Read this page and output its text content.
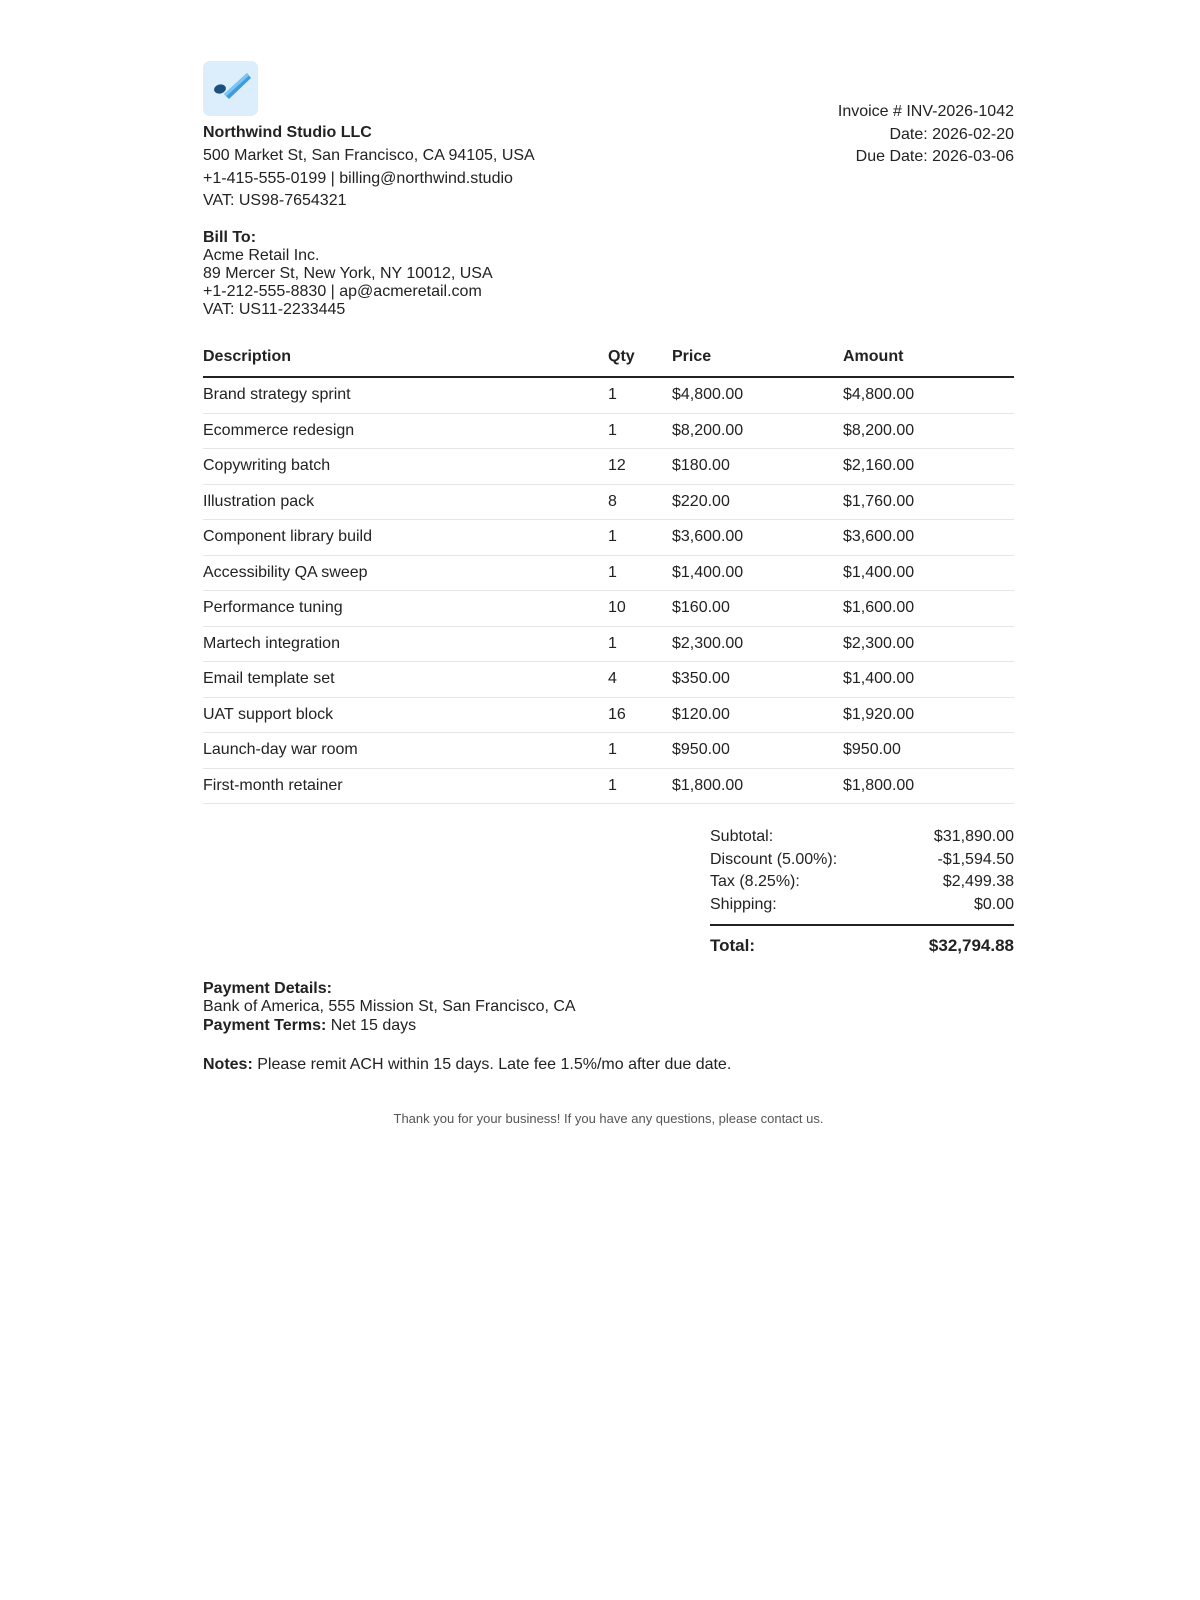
Northwind Studio LLC
500 Market St, San Francisco, CA 94105, USA
+1-415-555-0199 | billing@northwind.studio
VAT: US98-7654321
Invoice # INV-2026-1042
Date: 2026-02-20
Due Date: 2026-03-06
Bill To:
Acme Retail Inc.
89 Mercer St, New York, NY 10012, USA
+1-212-555-8830 | ap@acmeretail.com
VAT: US11-2233445
Description	Qty	Price	Amount
Brand strategy sprint	1	$4,800.00	$4,800.00
Ecommerce redesign	1	$8,200.00	$8,200.00
Copywriting batch	12	$180.00	$2,160.00
Illustration pack	8	$220.00	$1,760.00
Component library build	1	$3,600.00	$3,600.00
Accessibility QA sweep	1	$1,400.00	$1,400.00
Performance tuning	10	$160.00	$1,600.00
Martech integration	1	$2,300.00	$2,300.00
Email template set	4	$350.00	$1,400.00
UAT support block	16	$120.00	$1,920.00
Launch-day war room	1	$950.00	$950.00
First-month retainer	1	$1,800.00	$1,800.00
Subtotal:	$31,890.00
Discount (5.00%):	-$1,594.50
Tax (8.25%):	$2,499.38
Shipping:	$0.00
Total:	$32,794.88
Payment Details:
Bank of America, 555 Mission St, San Francisco, CA
Payment Terms: Net 15 days
Notes: Please remit ACH within 15 days. Late fee 1.5%/mo after due date.
Thank you for your business! If you have any questions, please contact us.
